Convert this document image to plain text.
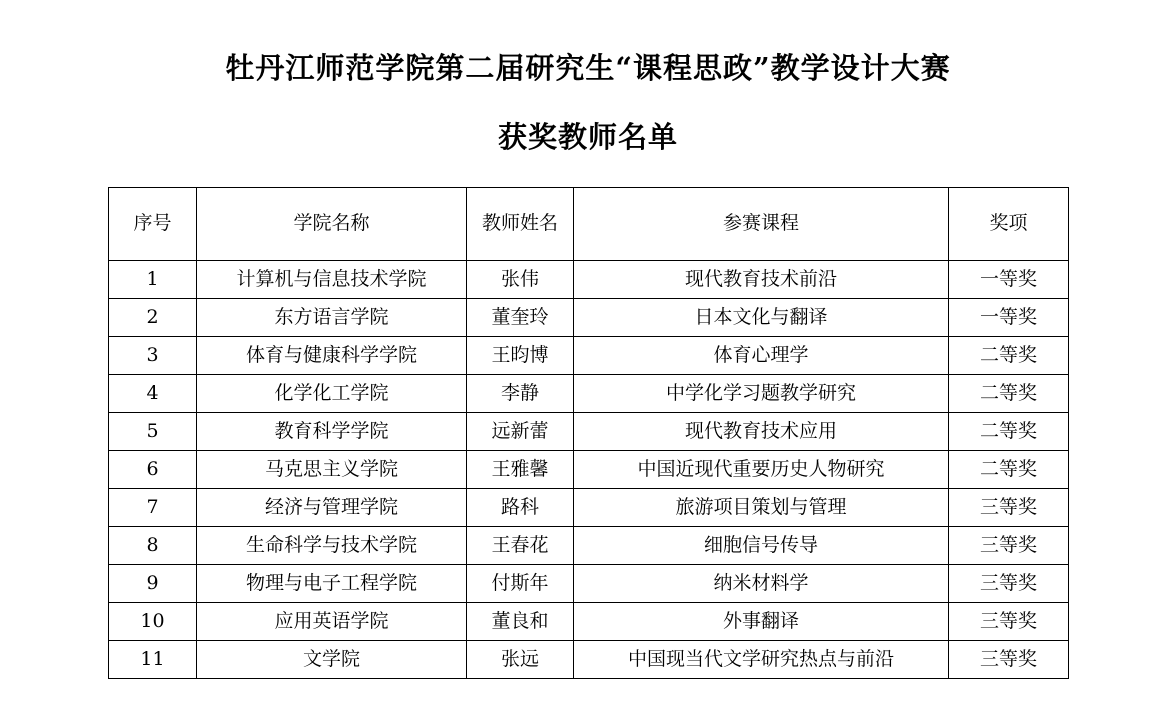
牡丹江师范学院第二届研究生“课程思政”教学设计大赛
获奖教师名单
序号	学院名称	教师姓名	参赛课程	奖项
1	计算机与信息技术学院	张伟	现代教育技术前沿	一等奖
2	东方语言学院	董奎玲	日本文化与翻译	一等奖
3	体育与健康科学学院	王昀博	体育心理学	二等奖
4	化学化工学院	李静	中学化学习题教学研究	二等奖
5	教育科学学院	远新蕾	现代教育技术应用	二等奖
6	马克思主义学院	王雅馨	中国近现代重要历史人物研究	二等奖
7	经济与管理学院	路科	旅游项目策划与管理	三等奖
8	生命科学与技术学院	王春花	细胞信号传导	三等奖
9	物理与电子工程学院	付斯年	纳米材料学	三等奖
10	应用英语学院	董良和	外事翻译	三等奖
11	文学院	张远	中国现当代文学研究热点与前沿	三等奖
